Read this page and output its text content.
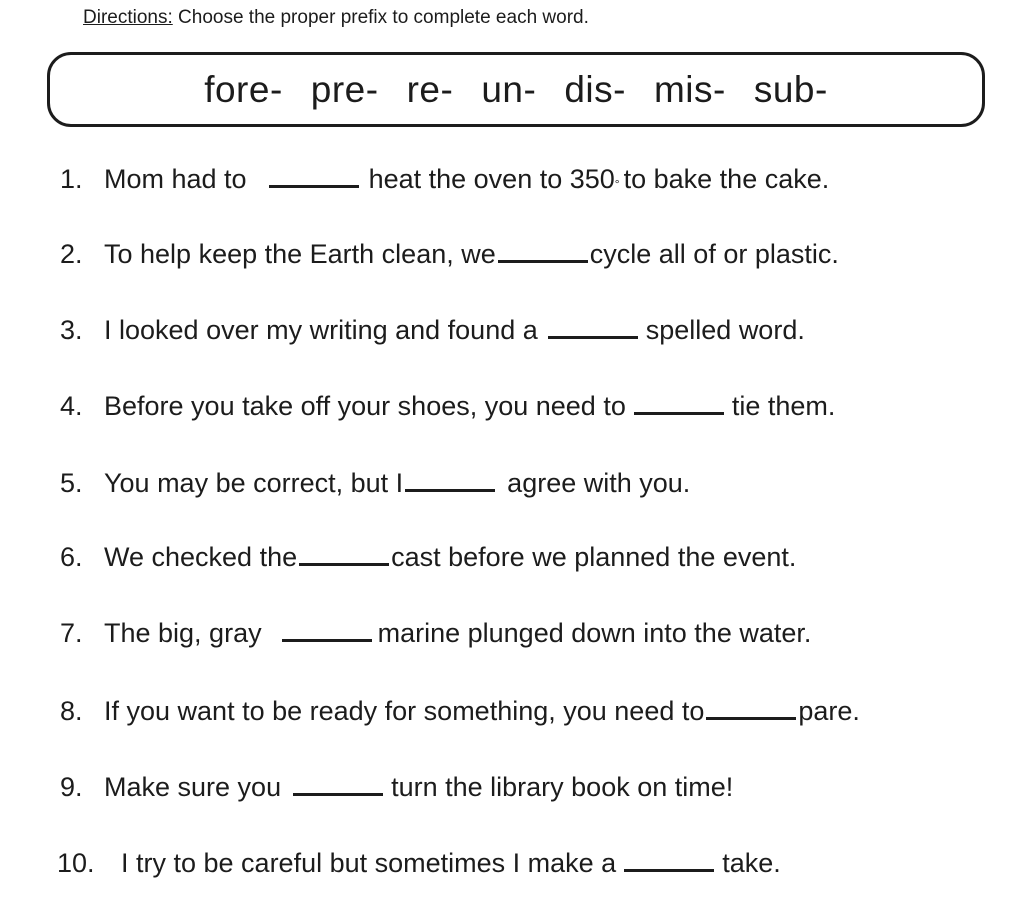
Directions: Choose the proper prefix to complete each word.
fore- pre- re- un- dis- mis- sub-
1. Mom had to	heat the oven to 350 ° to bake the cake.
2. To help keep the Earth clean, we	cycle all of or plastic.
3. I looked over my writing and found a	spelled word.
4. Before you take off your shoes, you need to	tie them.
5. You may be correct, but I	agree with you.
6. We checked the	cast before we planned the event.
7. The big, gray	marine plunged down into the water.
8. If you want to be ready for something, you need to	pare.
9. Make sure you	turn the library book on time!
10. I try to be careful but sometimes I make a	take.
